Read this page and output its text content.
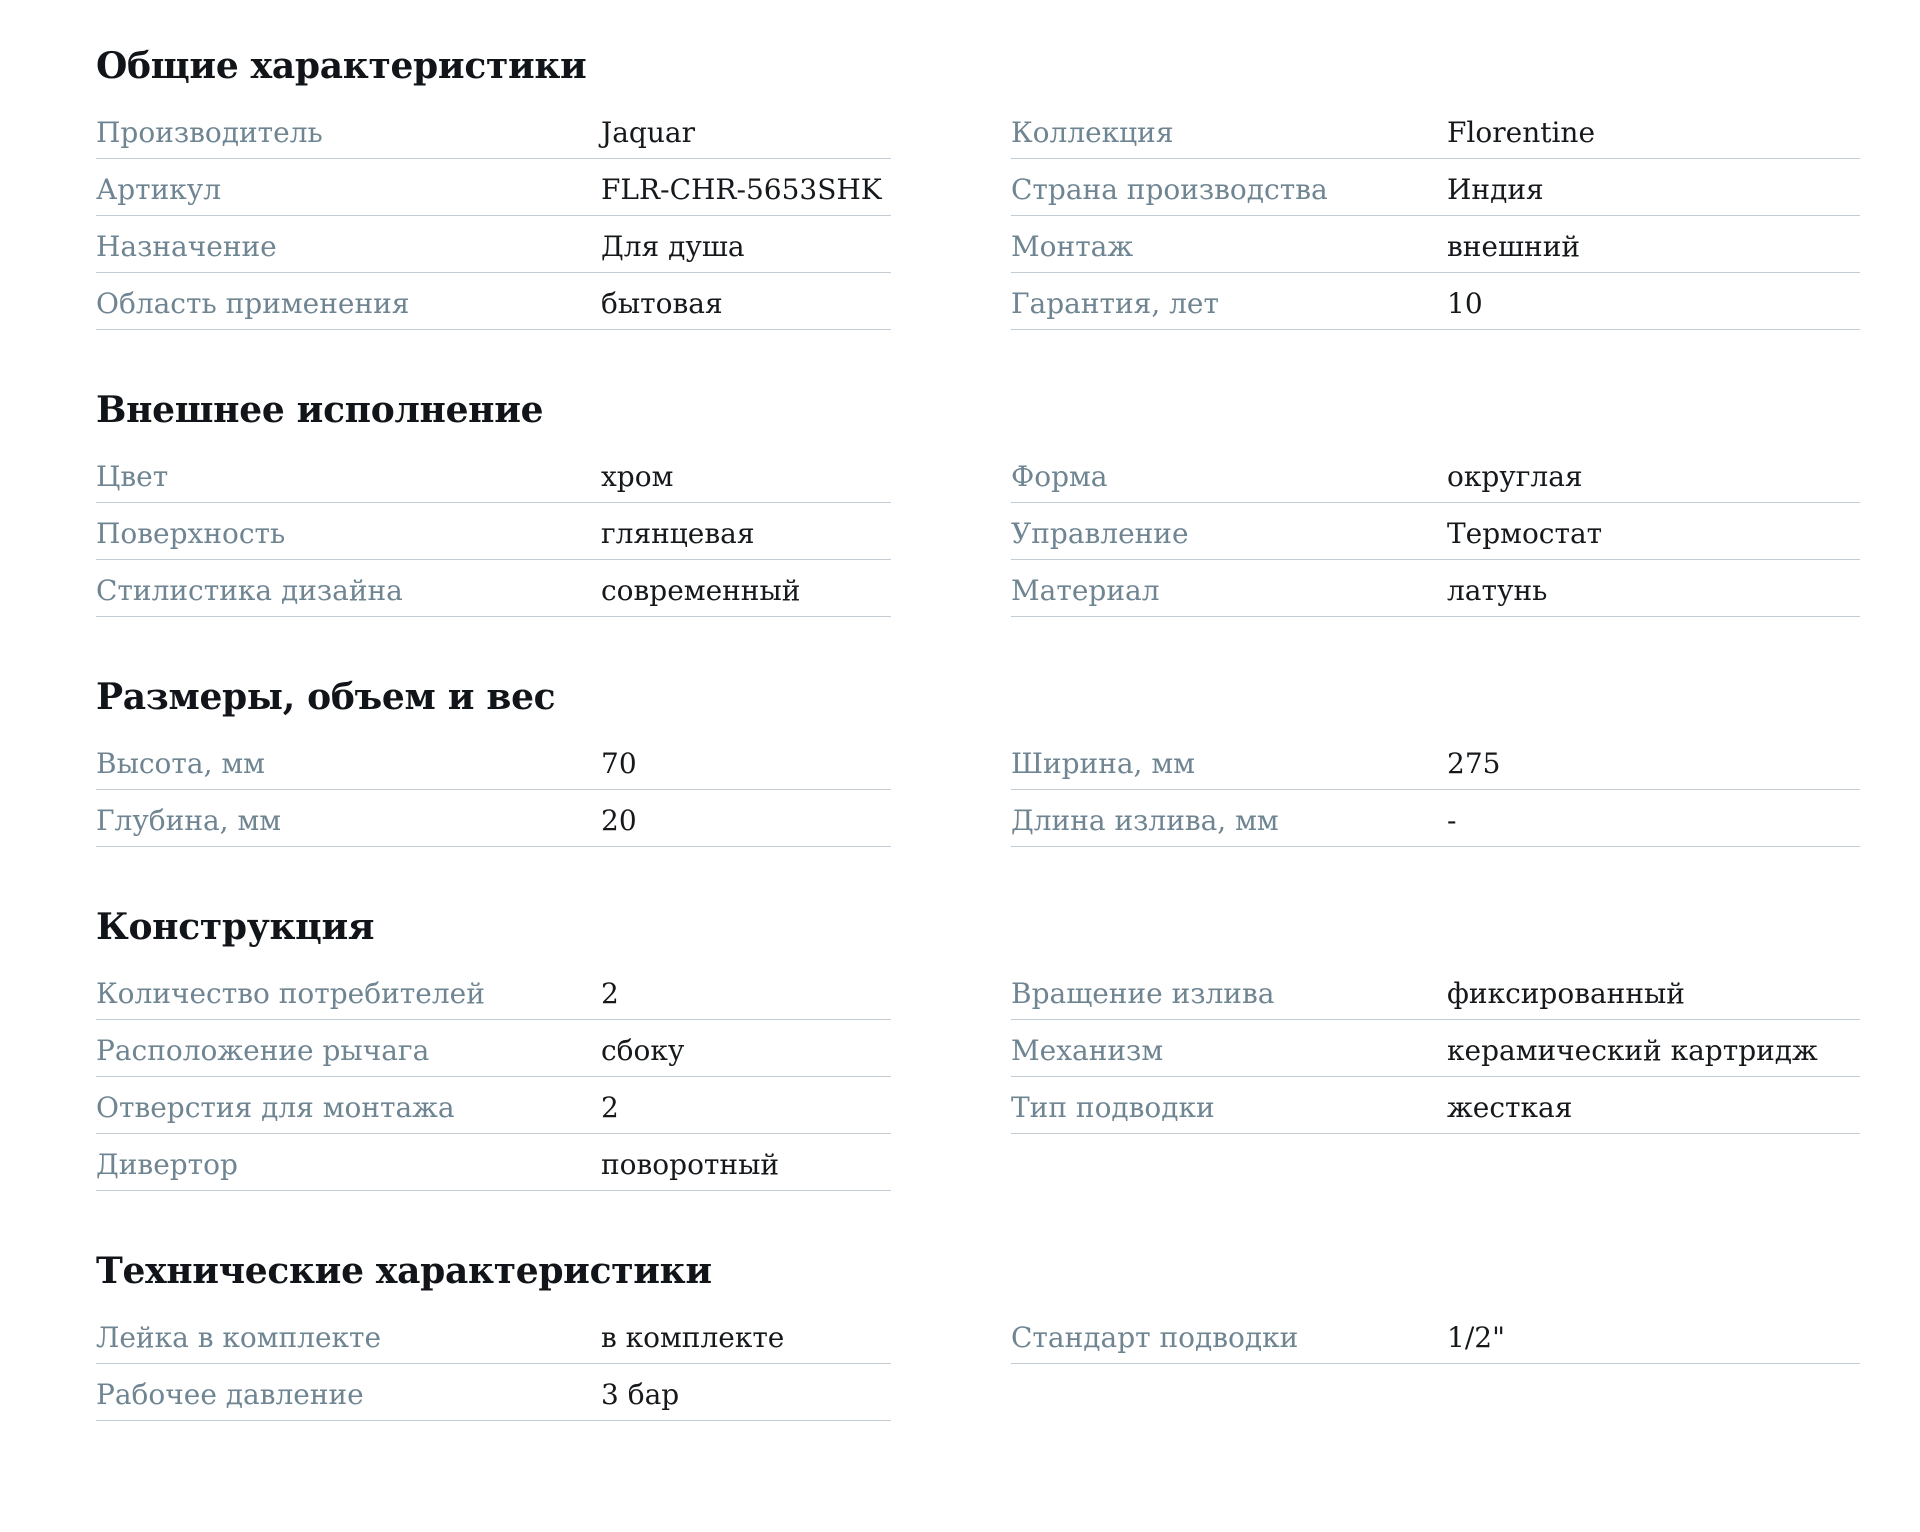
Общие характеристики
Производитель	Jaquar
Артикул	FLR-CHR-5653SHK
Назначение	Для душа
Область применения	бытовая
Коллекция	Florentine
Страна производства	Индия
Монтаж	внешний
Гарантия, лет	10
Внешнее исполнение
Цвет	хром
Поверхность	глянцевая
Стилистика дизайна	современный
Форма	округлая
Управление	Термостат
Материал	латунь
Размеры, объем и вес
Высота, мм	70
Глубина, мм	20
Ширина, мм	275
Длина излива, мм	-
Конструкция
Количество потребителей	2
Расположение рычага	сбоку
Отверстия для монтажа	2
Дивертор	поворотный
Вращение излива	фиксированный
Механизм	керамический картридж
Тип подводки	жесткая
Технические характеристики
Лейка в комплекте	в комплекте
Рабочее давление	3 бар
Стандарт подводки	1/2"
